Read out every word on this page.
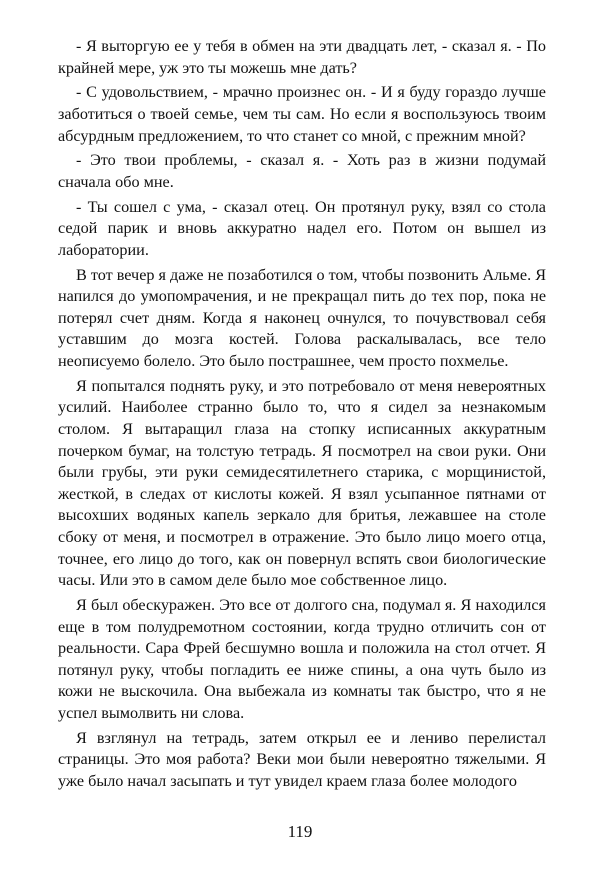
- Я выторгую ее у тебя в обмен на эти двадцать лет, - сказал я. - По крайней мере, уж это ты можешь мне дать?

- С удовольствием, - мрачно произнес он. - И я буду гораздо лучше заботиться о твоей семье, чем ты сам. Но если я воспользуюсь твоим абсурдным предложением, то что станет со мной, с прежним мной?

- Это твои проблемы, - сказал я. - Хоть раз в жизни подумай сначала обо мне.

- Ты сошел с ума, - сказал отец. Он протянул руку, взял со стола седой парик и вновь аккуратно надел его. Потом он вышел из лаборатории.

В тот вечер я даже не позаботился о том, чтобы позвонить Альме. Я напился до умопомрачения, и не прекращал пить до тех пор, пока не потерял счет дням. Когда я наконец очнулся, то почувствовал себя уставшим до мозга костей. Голова раскалывалась, все тело неописуемо болело. Это было пострашнее, чем просто похмелье.

Я попытался поднять руку, и это потребовало от меня невероятных усилий. Наиболее странно было то, что я сидел за незнакомым столом. Я вытаращил глаза на стопку исписанных аккуратным почерком бумаг, на толстую тетрадь. Я посмотрел на свои руки. Они были грубы, эти руки семидесятилетнего старика, с морщинистой, жесткой, в следах от кислоты кожей. Я взял усыпанное пятнами от высохших водяных капель зеркало для бритья, лежавшее на столе сбоку от меня, и посмотрел в отражение. Это было лицо моего отца, точнее, его лицо до того, как он повернул вспять свои биологические часы. Или это в самом деле было мое собственное лицо.

Я был обескуражен. Это все от долгого сна, подумал я. Я находился еще в том полудремотном состоянии, когда трудно отличить сон от реальности. Сара Фрей бесшумно вошла и положила на стол отчет. Я потянул руку, чтобы погладить ее ниже спины, а она чуть было из кожи не выскочила. Она выбежала из комнаты так быстро, что я не успел вымолвить ни слова.

Я взглянул на тетрадь, затем открыл ее и лениво перелистал страницы. Это моя работа? Веки мои были невероятно тяжелыми. Я уже было начал засыпать и тут увидел краем глаза более молодого

119
